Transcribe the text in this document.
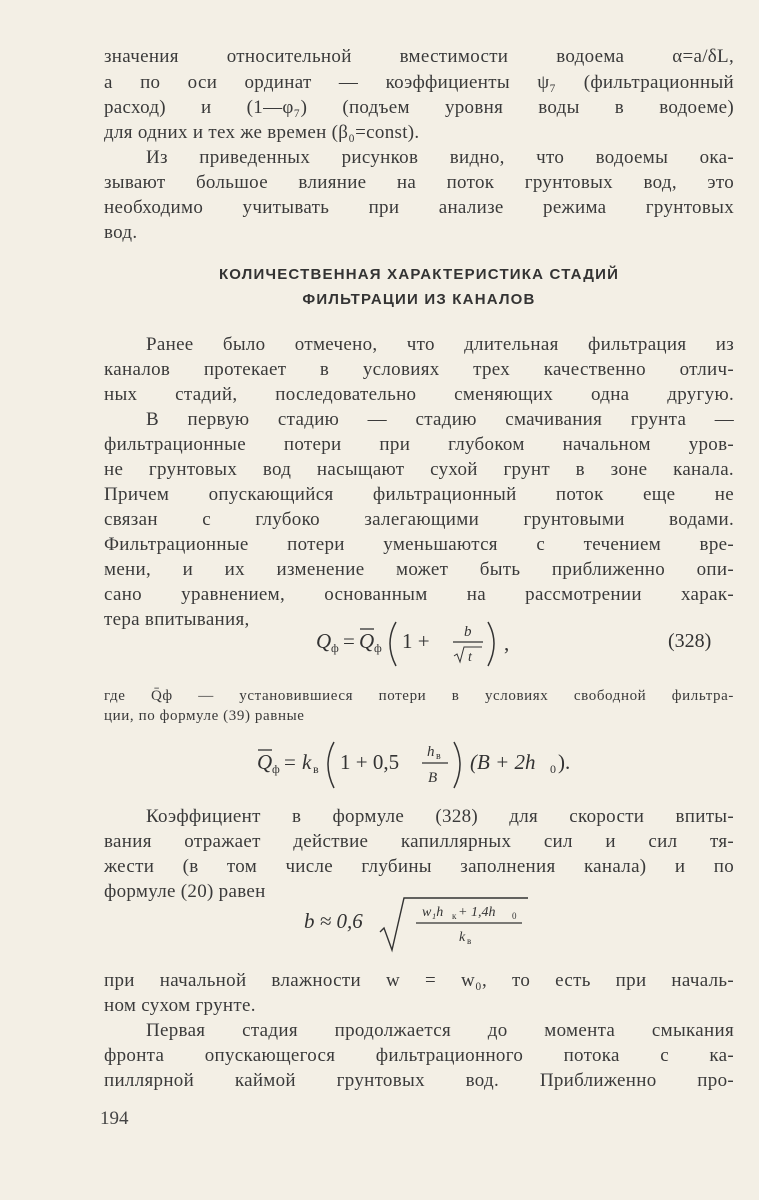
значения относительной вместимости водоема α=a/δL,
а по оси ординат — коэффициенты ψ₇ (фильтрационный
расход) и (1—φ₇) (подъем уровня воды в водоеме)
для одних и тех же времен (β₀=const).
Из приведенных рисунков видно, что водоемы ока-
зывают большое влияние на поток грунтовых вод, это
необходимо учитывать при анализе режима грунтовых
вод.
КОЛИЧЕСТВЕННАЯ ХАРАКТЕРИСТИКА СТАДИЙ
ФИЛЬТРАЦИИ ИЗ КАНАЛОВ
Ранее было отмечено, что длительная фильтрация из
каналов протекает в условиях трех качественно отлич-
ных стадий, последовательно сменяющих одна другую.
В первую стадию — стадию смачивания грунта —
фильтрационные потери при глубоком начальном уров-
не грунтовых вод насыщают сухой грунт в зоне канала.
Причем опускающийся фильтрационный поток еще не
связан с глубоко залегающими грунтовыми водами.
Фильтрационные потери уменьшаются с течением вре-
мени, и их изменение может быть приближенно опи-
сано уравнением, основанным на рассмотрении харак-
тера впитывания,
Q ф = Q ф 1 + b
t
,	(328)
где Q̄ф — установившиеся потери в условиях свободной фильтра-
ции, по формуле (39) равные
Q ф = k в 1 + 0,5 h в
B
(B + 2h 0 ).
Коэффициент в формуле (328) для скорости впиты-
вания отражает действие капиллярных сил и сил тя-
жести (в том числе глубины заполнения канала) и по
формуле (20) равен
b ≈ 0,6	w₁h к + 1,4h 0
k в
при начальной влажности w = w₀, то есть при началь-
ном сухом грунте.
Первая стадия продолжается до момента смыкания
фронта опускающегося фильтрационного потока с ка-
пиллярной каймой грунтовых вод. Приближенно про-
194
